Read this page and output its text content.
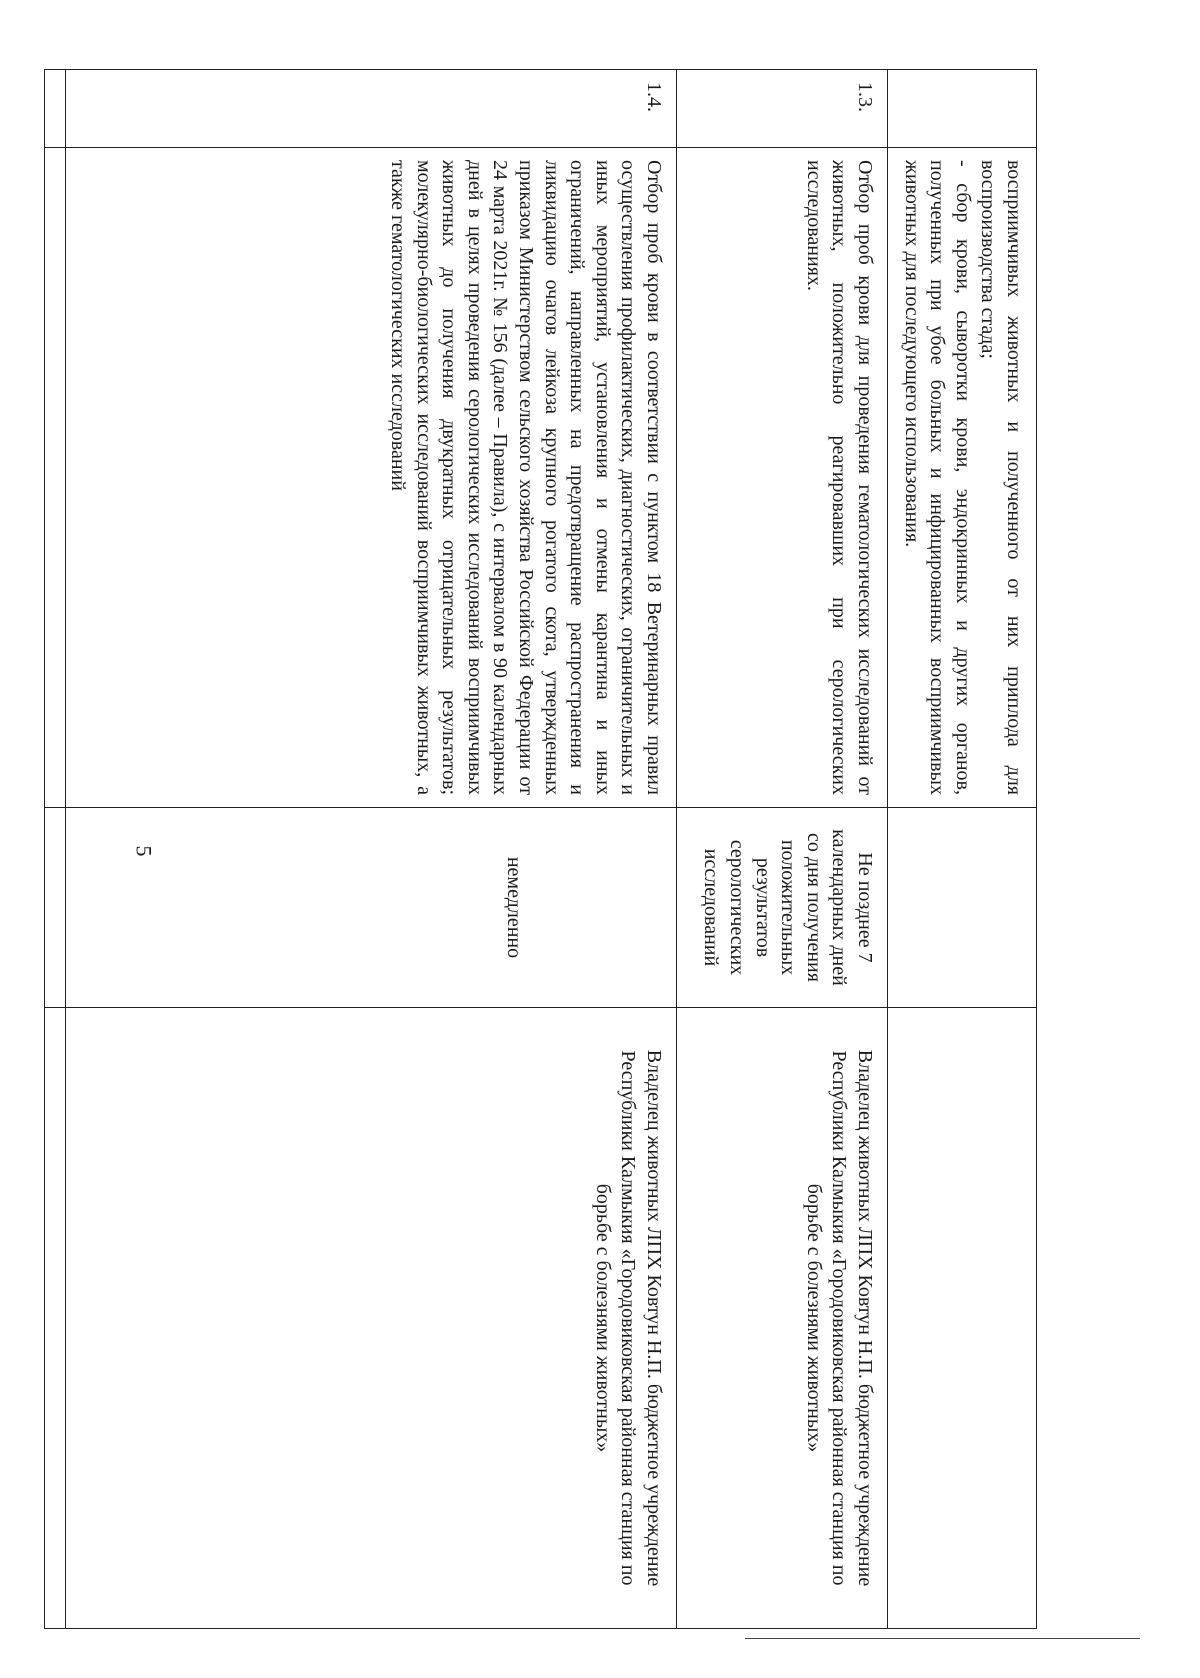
	восприимчивых животных и полученного от них приплода для воспроизводства стада;
- сбор крови, сыворотки крови, эндокринных и других органов, полученных при убое больных и инфицированных восприимчивых животных для последующего использования.		

1.3.	Отбор проб крови для проведения гематологических исследований от животных, положительно реагировавших при серологических исследованиях.	Не позднее 7 календарных дней со дня получения положительных результатов серологических исследований	Владелец животных ЛПХ Ковтун Н.П. бюджетное учреждение Республики Калмыкия «Городовиковская районная станция по борьбе с болезнями животных»
1.4.	Отбор проб крови в соответствии с пунктом 18 Ветеринарных правил осуществления профилактических, диагностических, ограничительных и иных мероприятий, установления и отмены карантина и иных ограничений, направленных на предотвращение распространения и ликвидацию очагов лейкоза крупного рогатого скота, утвержденных приказом Министерством сельского хозяйства Российской Федерации от 24 марта 2021г. № 156 (далее – Правила), с интервалом в 90 календарных дней в целях проведения серологических исследований восприимчивых животных до получения двукратных отрицательных результатов; молекулярно-биологических исследований восприимчивых животных, а также гематологических исследований	немедленно	Владелец животных ЛПХ Ковтун Н.П. бюджетное учреждение Республики Калмыкия «Городовиковская районная станция по борьбе с болезнями животных»

5
